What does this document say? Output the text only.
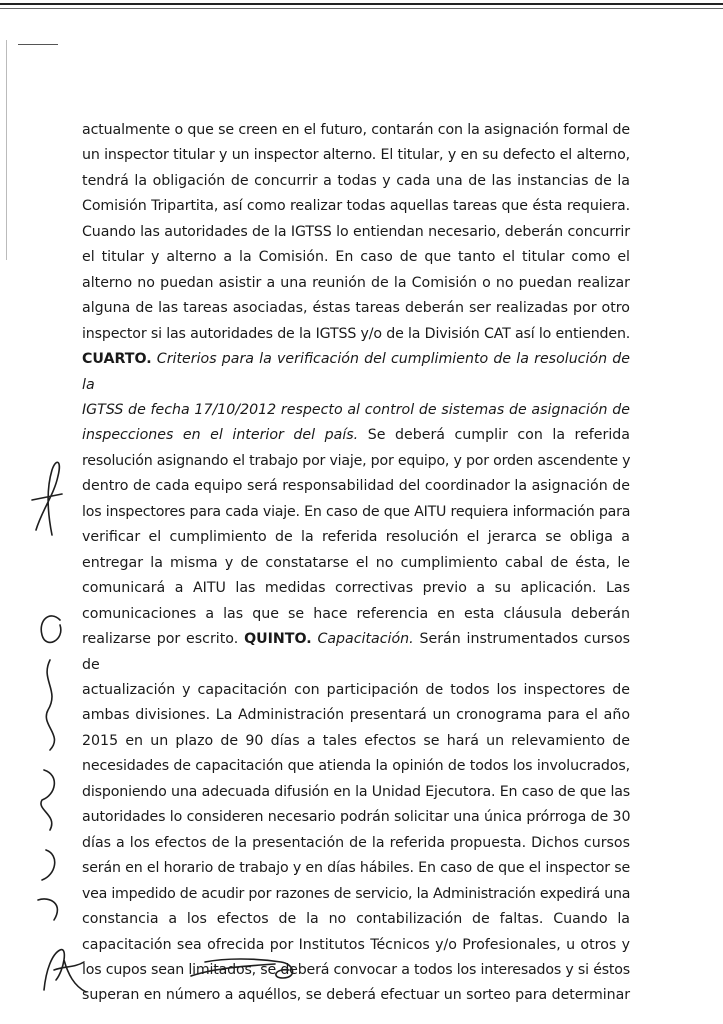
actualmente o que se creen en el futuro, contarán con la asignación formal de
un inspector titular y un inspector alterno. El titular, y en su defecto el alterno,
tendrá la obligación de concurrir a todas y cada una de las instancias de la
Comisión Tripartita, así como realizar todas aquellas tareas que ésta requiera.
Cuando las autoridades de la IGTSS lo entiendan necesario, deberán concurrir
el titular y alterno a la Comisión. En caso de que tanto el titular como el
alterno no puedan asistir a una reunión de la Comisión o no puedan realizar
alguna de las tareas asociadas, éstas tareas deberán ser realizadas por otro
inspector si las autoridades de la IGTSS y/o de la División CAT así lo entienden.
CUARTO. Criterios para la verificación del cumplimiento de la resolución de la
IGTSS de fecha 17/10/2012 respecto al control de sistemas de asignación de
inspecciones en el interior del país. Se deberá cumplir con la referida
resolución asignando el trabajo por viaje, por equipo, y por orden ascendente y
dentro de cada equipo será responsabilidad del coordinador la asignación de
los inspectores para cada viaje. En caso de que AITU requiera información para
verificar el cumplimiento de la referida resolución el jerarca se obliga a
entregar la misma y de constatarse el no cumplimiento cabal de ésta, le
comunicará a AITU las medidas correctivas previo a su aplicación. Las
comunicaciones a las que se hace referencia en esta cláusula deberán
realizarse por escrito. QUINTO. Capacitación. Serán instrumentados cursos de
actualización y capacitación con participación de todos los inspectores de
ambas divisiones. La Administración presentará un cronograma para el año
2015 en un plazo de 90 días a tales efectos se hará un relevamiento de
necesidades de capacitación que atienda la opinión de todos los involucrados,
disponiendo una adecuada difusión en la Unidad Ejecutora. En caso de que las
autoridades lo consideren necesario podrán solicitar una única prórroga de 30
días a los efectos de la presentación de la referida propuesta. Dichos cursos
serán en el horario de trabajo y en días hábiles. En caso de que el inspector se
vea impedido de acudir por razones de servicio, la Administración expedirá una
constancia a los efectos de la no contabilización de faltas. Cuando la
capacitación sea ofrecida por Institutos Técnicos y/o Profesionales, u otros y
los cupos sean limitados, se deberá convocar a todos los interesados y si éstos
superan en número a aquéllos, se deberá efectuar un sorteo para determinar
